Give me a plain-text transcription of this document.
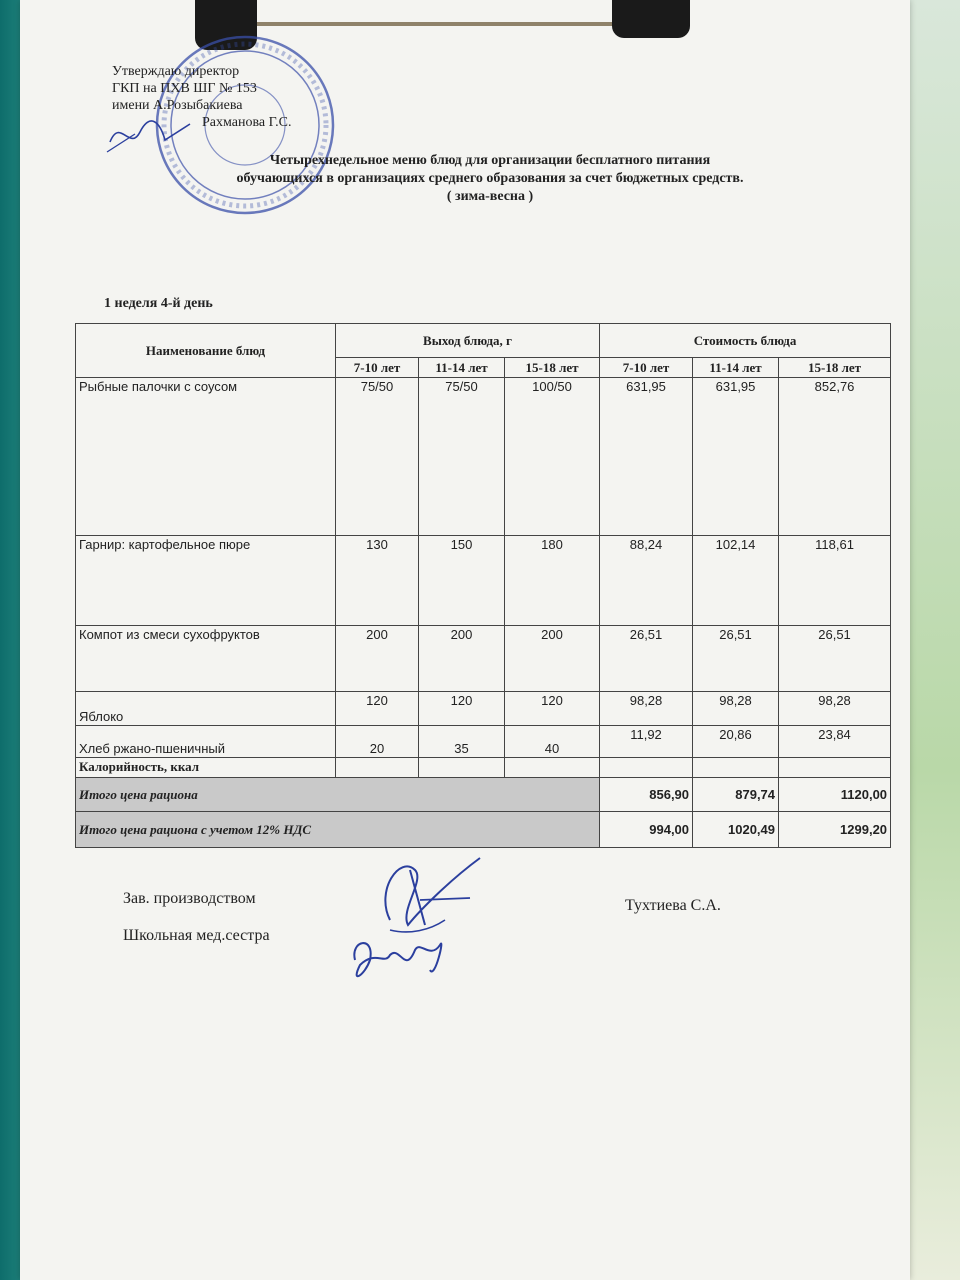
Утверждаю директор
ГКП на ПХВ ШГ № 153
имени А.Розыбакиева
Рахманова Г.С.
Четырехнедельное меню блюд для организации бесплатного питания
обучающихся в организациях среднего образования за счет бюджетных средств.
( зима-весна )
1 неделя 4-й день
Наименование блюд	Выход блюда, г			Стоимость блюда		
	7-10 лет	11-14 лет	15-18 лет	7-10 лет	11-14 лет	15-18 лет
Рыбные палочки с соусом	75/50	75/50	100/50	631,95	631,95	852,76
Гарнир: картофельное пюре	130	150	180	88,24	102,14	118,61
Компот из смеси сухофруктов	200	200	200	26,51	26,51	26,51
Яблоко	120	120	120	98,28	98,28	98,28
Хлеб ржано-пшеничный	20	35	40	11,92	20,86	23,84
Калорийность, ккал						
Итого цена рациона				856,90	879,74	1120,00
Итого цена рациона с учетом 12% НДС				994,00	1020,49	1299,20
Зав. производством
Школьная мед.сестра
Тухтиева С.А.
